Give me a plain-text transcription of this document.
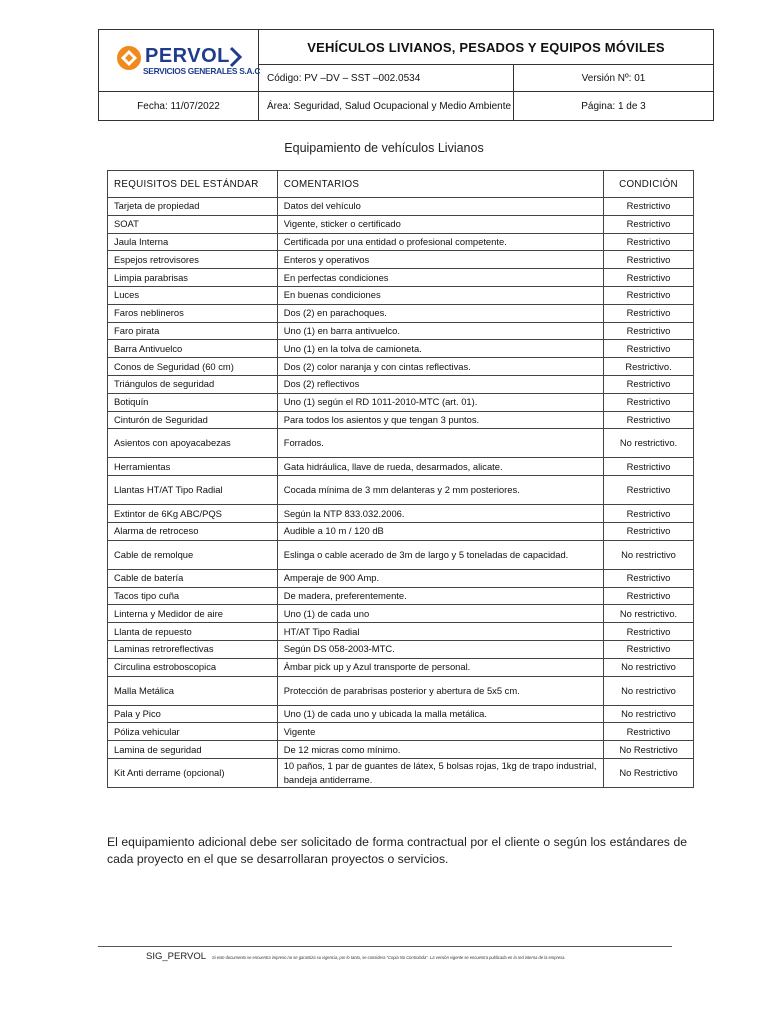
PERVOL
SERVICIOS GENERALES S.A.C
VEHÍCULOS LIVIANOS, PESADOS Y EQUIPOS MÓVILES
Código: PV –DV – SST –002.0534	Versión Nº: 01
Fecha: 11/07/2022	Área: Seguridad, Salud Ocupacional y Medio Ambiente	Página: 1 de 3
Equipamiento de vehículos Livianos
REQUISITOS DEL ESTÁNDAR	COMENTARIOS	CONDICIÓN
Tarjeta de propiedad	Datos del vehículo	Restrictivo
SOAT	Vigente, sticker o certificado	Restrictivo
Jaula Interna	Certificada por una entidad o profesional competente.	Restrictivo
Espejos retrovisores	Enteros y operativos	Restrictivo
Limpia parabrisas	En perfectas condiciones	Restrictivo
Luces	En buenas condiciones	Restrictivo
Faros neblineros	Dos (2) en parachoques.	Restrictivo
Faro pirata	Uno (1) en barra antivuelco.	Restrictivo
Barra Antivuelco	Uno (1) en la tolva de camioneta.	Restrictivo
Conos de Seguridad (60 cm)	Dos (2) color naranja y con cintas reflectivas.	Restrictivo.
Triángulos de seguridad	Dos (2) reflectivos	Restrictivo
Botiquín	Uno (1) según el RD 1011-2010-MTC (art. 01).	Restrictivo
Cinturón de Seguridad	Para todos los asientos y que tengan 3 puntos.	Restrictivo
Asientos con apoyacabezas	Forrados.	No restrictivo.
Herramientas	Gata hidráulica, llave de rueda, desarmados, alicate.	Restrictivo
Llantas HT/AT Tipo Radial	Cocada mínima de 3 mm delanteras y 2 mm posteriores.	Restrictivo
Extintor de 6Kg ABC/PQS	Según la NTP 833.032.2006.	Restrictivo
Alarma de retroceso	Audible a 10 m / 120 dB	Restrictivo
Cable de remolque	Eslinga o cable acerado de 3m de largo y 5 toneladas de capacidad.	No restrictivo
Cable de batería	Amperaje de 900 Amp.	Restrictivo
Tacos tipo cuña	De madera, preferentemente.	Restrictivo
Linterna y Medidor de aire	Uno (1) de cada uno	No restrictivo.
Llanta de repuesto	HT/AT Tipo Radial	Restrictivo
Laminas retroreflectivas	Según DS 058-2003-MTC.	Restrictivo
Circulina estroboscopica	Ámbar pick up y Azul transporte de personal.	No restrictivo
Malla Metálica	Protección de parabrisas posterior y abertura de 5x5 cm.	No restrictivo
Pala y Pico	Uno (1) de cada uno y ubicada la malla metálica.	No restrictivo
Póliza vehicular	Vigente	Restrictivo
Lamina de seguridad	De 12 micras como mínimo.	No Restrictivo
Kit Anti derrame (opcional)	10 paños, 1 par de guantes de látex, 5 bolsas rojas, 1kg de trapo industrial, bandeja antiderrame.	No Restrictivo
El equipamiento adicional debe ser solicitado de forma contractual por el cliente o según los estándares de cada proyecto en el que se desarrollaran proyectos o servicios.
SIG_PERVOL Si este documento se encuentra impreso no se garantiza su vigencia, por lo tanto, se considera "Copia No Controlada". La versión vigente se encuentra publicada en la red interna de la empresa.
